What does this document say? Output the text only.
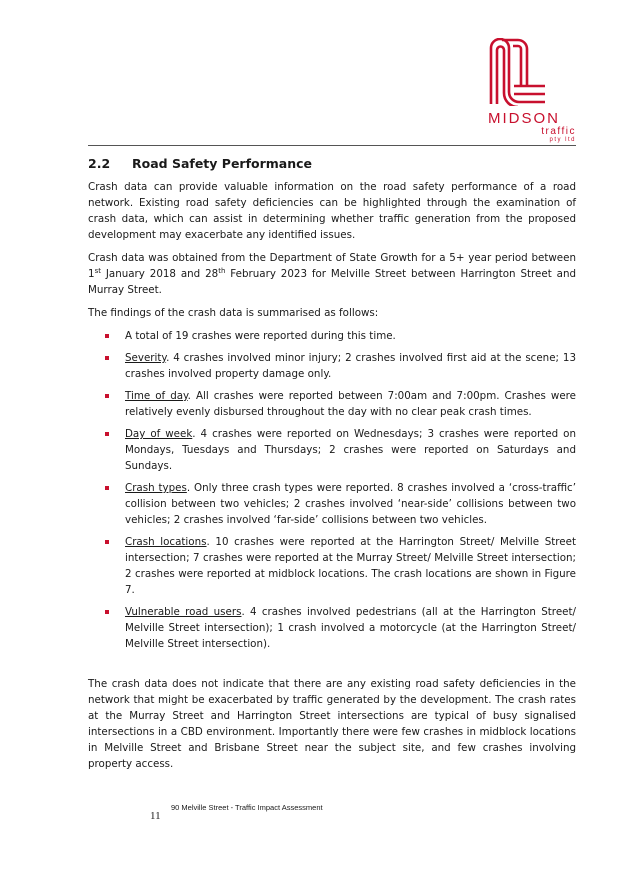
MIDSON
traffic
pty ltd
2.2	Road Safety Performance

Crash data can provide valuable information on the road safety performance of a road network. Existing road safety deficiencies can be highlighted through the examination of crash data, which can assist in determining whether traffic generation from the proposed development may exacerbate any identified issues.

Crash data was obtained from the Department of State Growth for a 5+ year period between 1st January 2018 and 28th February 2023 for Melville Street between Harrington Street and Murray Street.

The findings of the crash data is summarised as follows:

A total of 19 crashes were reported during this time.
Severity. 4 crashes involved minor injury; 2 crashes involved first aid at the scene; 13 crashes involved property damage only.
Time of day. All crashes were reported between 7:00am and 7:00pm. Crashes were relatively evenly disbursed throughout the day with no clear peak crash times.
Day of week. 4 crashes were reported on Wednesdays; 3 crashes were reported on Mondays, Tuesdays and Thursdays; 2 crashes were reported on Saturdays and Sundays.
Crash types. Only three crash types were reported. 8 crashes involved a ‘cross-traffic’ collision between two vehicles; 2 crashes involved ‘near-side’ collisions between two vehicles; 2 crashes involved ‘far-side’ collisions between two vehicles.
Crash locations. 10 crashes were reported at the Harrington Street/ Melville Street intersection; 7 crashes were reported at the Murray Street/ Melville Street intersection; 2 crashes were reported at midblock locations. The crash locations are shown in Figure 7.
Vulnerable road users. 4 crashes involved pedestrians (all at the Harrington Street/ Melville Street intersection); 1 crash involved a motorcycle (at the Harrington Street/ Melville Street intersection).

The crash data does not indicate that there are any existing road safety deficiencies in the network that might be exacerbated by traffic generated by the development. The crash rates at the Murray Street and Harrington Street intersections are typical of busy signalised intersections in a CBD environment. Importantly there were few crashes in midblock locations in Melville Street and Brisbane Street near the subject site, and few crashes involving property access.

90 Melville Street - Traffic Impact Assessment
11
